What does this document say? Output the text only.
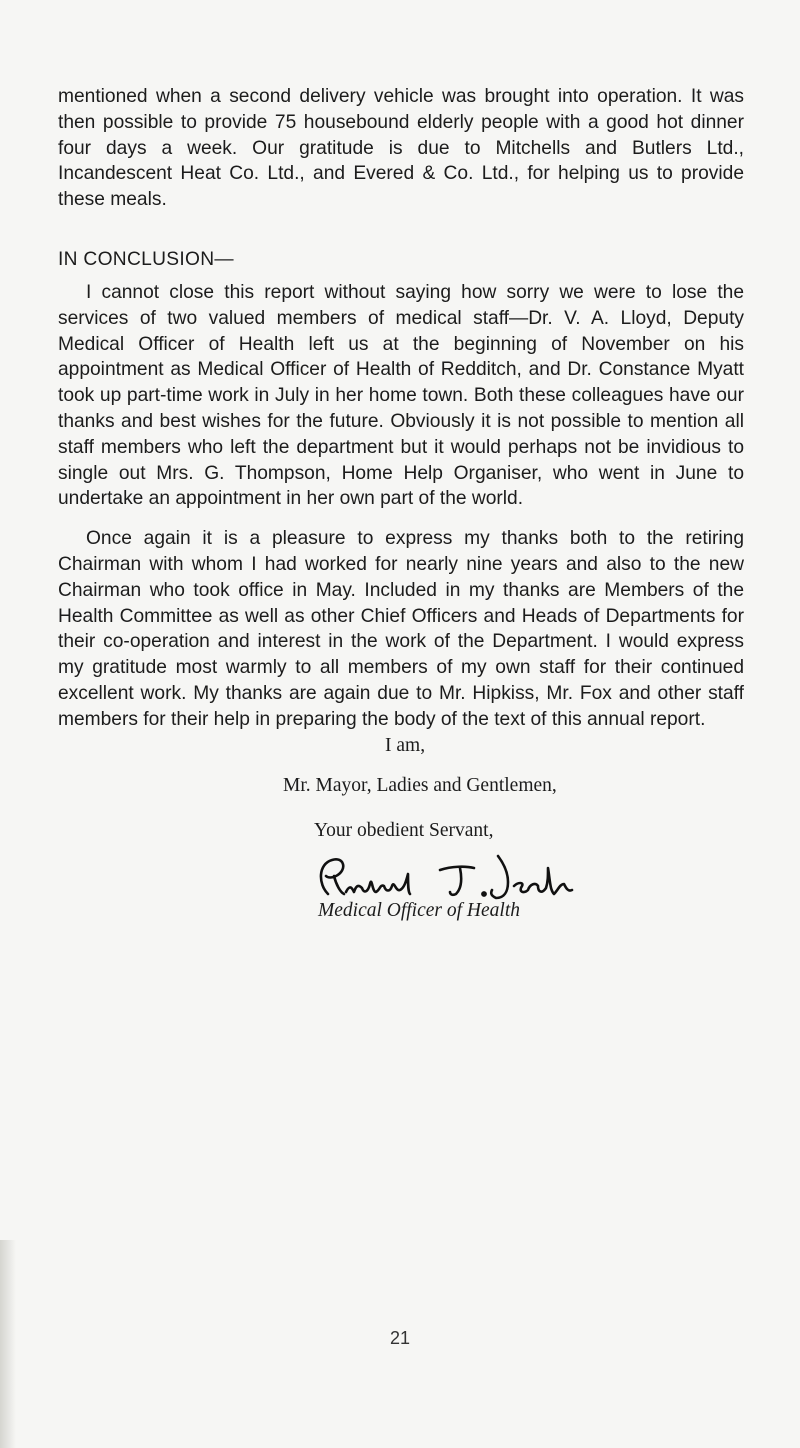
mentioned when a second delivery vehicle was brought into operation. It was then possible to provide 75 housebound elderly people with a good hot dinner four days a week. Our gratitude is due to Mitchells and Butlers Ltd., Incandescent Heat Co. Ltd., and Evered & Co. Ltd., for helping us to provide these meals.

IN CONCLUSION—

I cannot close this report without saying how sorry we were to lose the services of two valued members of medical staff—Dr. V. A. Lloyd, Deputy Medical Officer of Health left us at the beginning of November on his appointment as Medical Officer of Health of Redditch, and Dr. Constance Myatt took up part-time work in July in her home town. Both these colleagues have our thanks and best wishes for the future. Obviously it is not possible to mention all staff members who left the department but it would perhaps not be invidious to single out Mrs. G. Thompson, Home Help Organiser, who went in June to undertake an appointment in her own part of the world.

Once again it is a pleasure to express my thanks both to the retiring Chairman with whom I had worked for nearly nine years and also to the new Chairman who took office in May. Included in my thanks are Members of the Health Committee as well as other Chief Officers and Heads of Departments for their co-operation and interest in the work of the Department. I would express my gratitude most warmly to all members of my own staff for their continued excellent work. My thanks are again due to Mr. Hipkiss, Mr. Fox and other staff members for their help in preparing the body of the text of this annual report.

I am,
Mr. Mayor, Ladies and Gentlemen,
Your obedient Servant,
Medical Officer of Health
21
